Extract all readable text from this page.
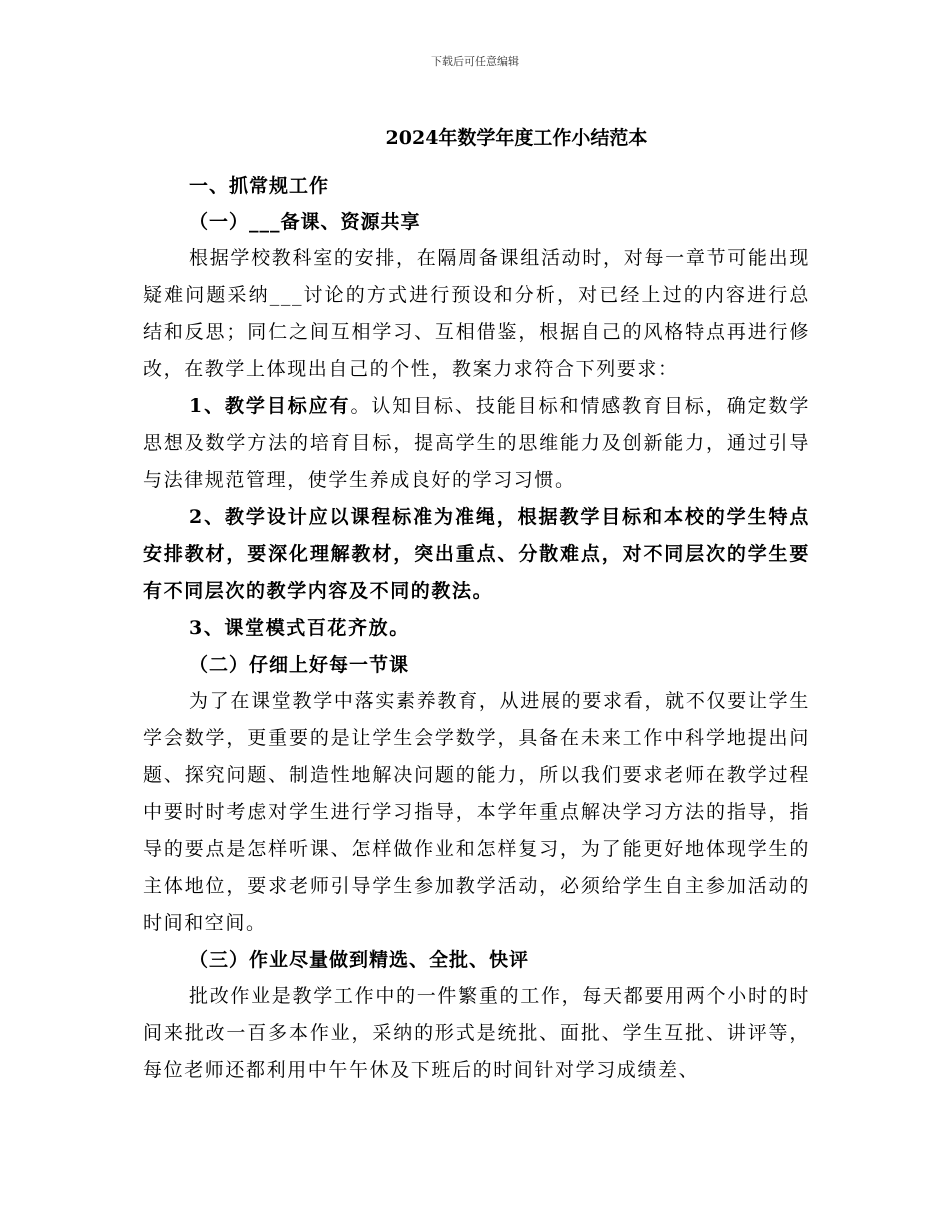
下载后可任意编辑
2024年数学年度工作小结范本

一、抓常规工作

（一）___备课、资源共享

根据学校教科室的安排，在隔周备课组活动时，对每一章节可能出现疑难问题采纳___讨论的方式进行预设和分析，对已经上过的内容进行总结和反思；同仁之间互相学习、互相借鉴，根据自己的风格特点再进行修改，在教学上体现出自己的个性，教案力求符合下列要求：

1、教学目标应有。认知目标、技能目标和情感教育目标，确定数学思想及数学方法的培育目标，提高学生的思维能力及创新能力，通过引导与法律规范管理，使学生养成良好的学习习惯。

2、教学设计应以课程标准为准绳，根据教学目标和本校的学生特点安排教材，要深化理解教材，突出重点、分散难点，对不同层次的学生要有不同层次的教学内容及不同的教法。

3、课堂模式百花齐放。

（二）仔细上好每一节课

为了在课堂教学中落实素养教育，从进展的要求看，就不仅要让学生学会数学，更重要的是让学生会学数学，具备在未来工作中科学地提出问题、探究问题、制造性地解决问题的能力，所以我们要求老师在教学过程中要时时考虑对学生进行学习指导，本学年重点解决学习方法的指导，指导的要点是怎样听课、怎样做作业和怎样复习，为了能更好地体现学生的主体地位，要求老师引导学生参加教学活动，必须给学生自主参加活动的时间和空间。

（三）作业尽量做到精选、全批、快评

批改作业是教学工作中的一件繁重的工作，每天都要用两个小时的时间来批改一百多本作业，采纳的形式是统批、面批、学生互批、讲评等，每位老师还都利用中午午休及下班后的时间针对学习成绩差、
